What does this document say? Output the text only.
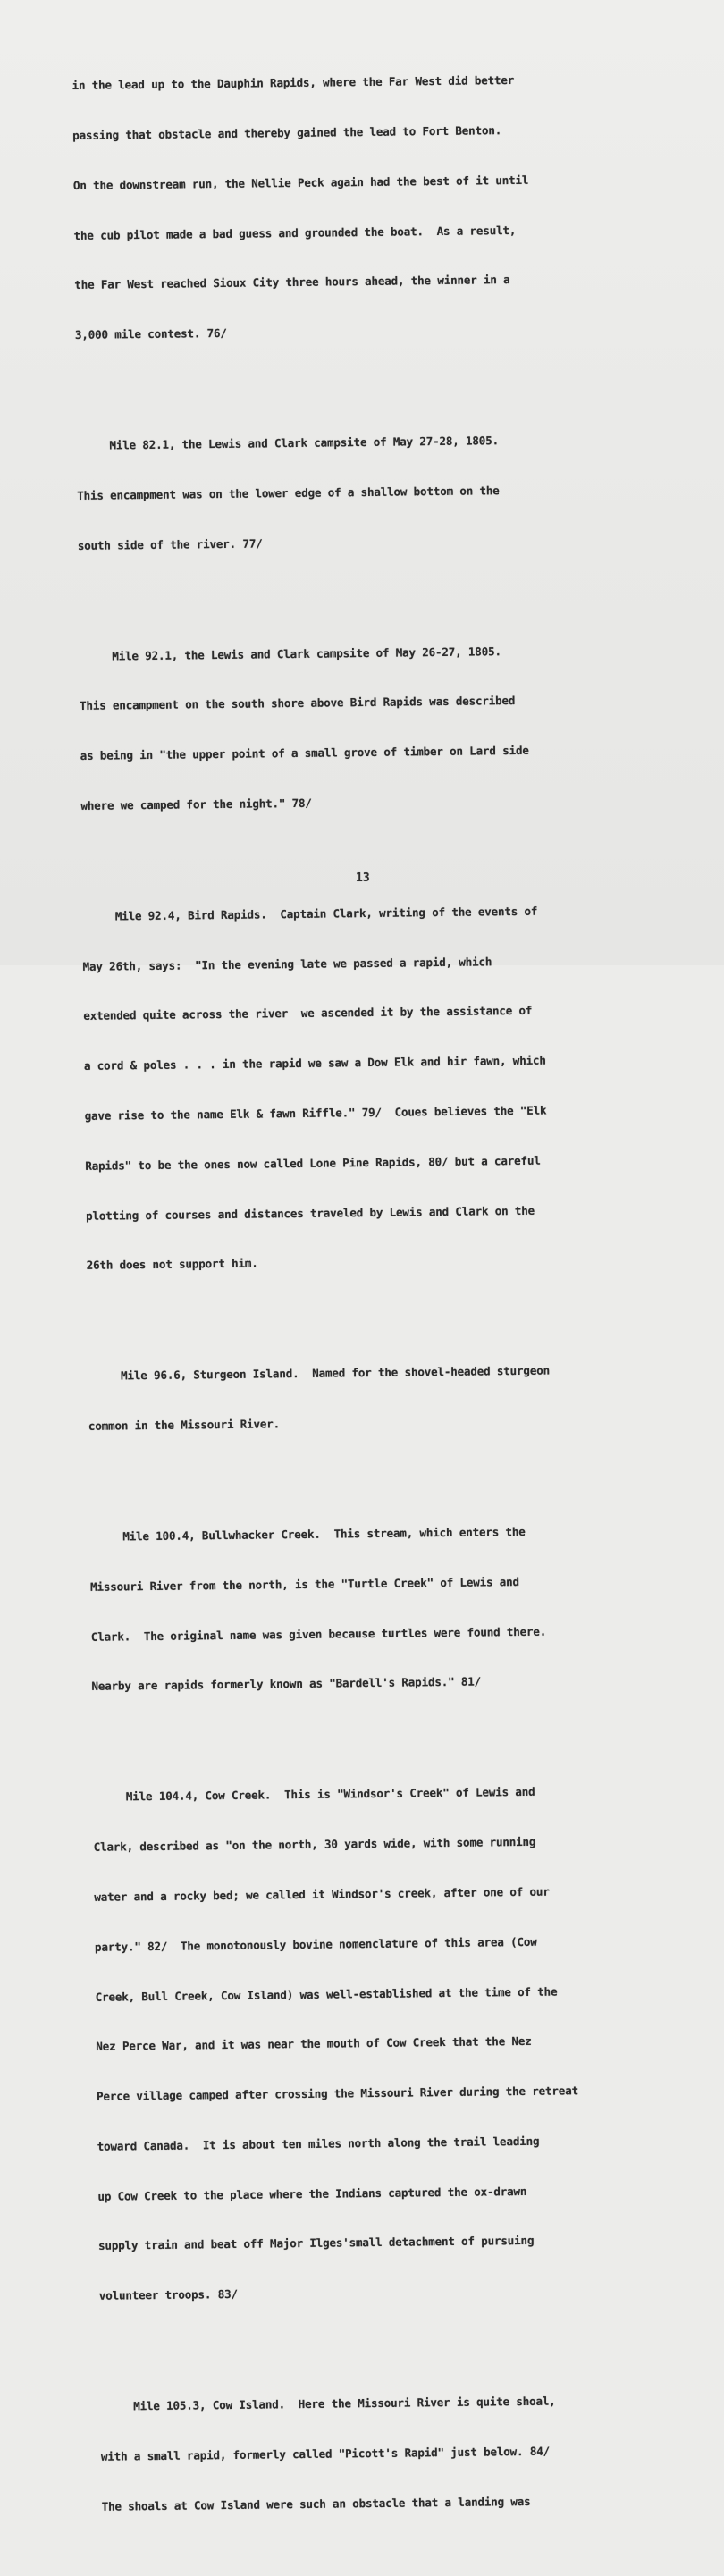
in the lead up to the Dauphin Rapids, where the Far West did better

passing that obstacle and thereby gained the lead to Fort Benton.

On the downstream run, the Nellie Peck again had the best of it until

the cub pilot made a bad guess and grounded the boat.  As a result,

the Far West reached Sioux City three hours ahead, the winner in a

3,000 mile contest. 76/

Mile 82.1, the Lewis and Clark campsite of May 27-28, 1805.

This encampment was on the lower edge of a shallow bottom on the

south side of the river. 77/

Mile 92.1, the Lewis and Clark campsite of May 26-27, 1805.

This encampment on the south shore above Bird Rapids was described

as being in "the upper point of a small grove of timber on Lard side

where we camped for the night." 78/

Mile 92.4, Bird Rapids.  Captain Clark, writing of the events of

May 26th, says:  "In the evening late we passed a rapid, which

extended quite across the river  we ascended it by the assistance of

a cord & poles . . . in the rapid we saw a Dow Elk and hir fawn, which

gave rise to the name Elk & fawn Riffle." 79/  Coues believes the "Elk

Rapids" to be the ones now called Lone Pine Rapids, 80/ but a careful

plotting of courses and distances traveled by Lewis and Clark on the

26th does not support him.

Mile 96.6, Sturgeon Island.  Named for the shovel-headed sturgeon

common in the Missouri River.

Mile 100.4, Bullwhacker Creek.  This stream, which enters the

Missouri River from the north, is the "Turtle Creek" of Lewis and

Clark.  The original name was given because turtles were found there.

Nearby are rapids formerly known as "Bardell's Rapids." 81/

Mile 104.4, Cow Creek.  This is "Windsor's Creek" of Lewis and

Clark, described as "on the north, 30 yards wide, with some running

water and a rocky bed; we called it Windsor's creek, after one of our

party." 82/  The monotonously bovine nomenclature of this area (Cow

Creek, Bull Creek, Cow Island) was well-established at the time of the

Nez Perce War, and it was near the mouth of Cow Creek that the Nez

Perce village camped after crossing the Missouri River during the retreat

toward Canada.  It is about ten miles north along the trail leading

up Cow Creek to the place where the Indians captured the ox-drawn

supply train and beat off Major Ilges'small detachment of pursuing

volunteer troops. 83/

Mile 105.3, Cow Island.  Here the Missouri River is quite shoal,

with a small rapid, formerly called "Picott's Rapid" just below. 84/

The shoals at Cow Island were such an obstacle that a landing was

13
